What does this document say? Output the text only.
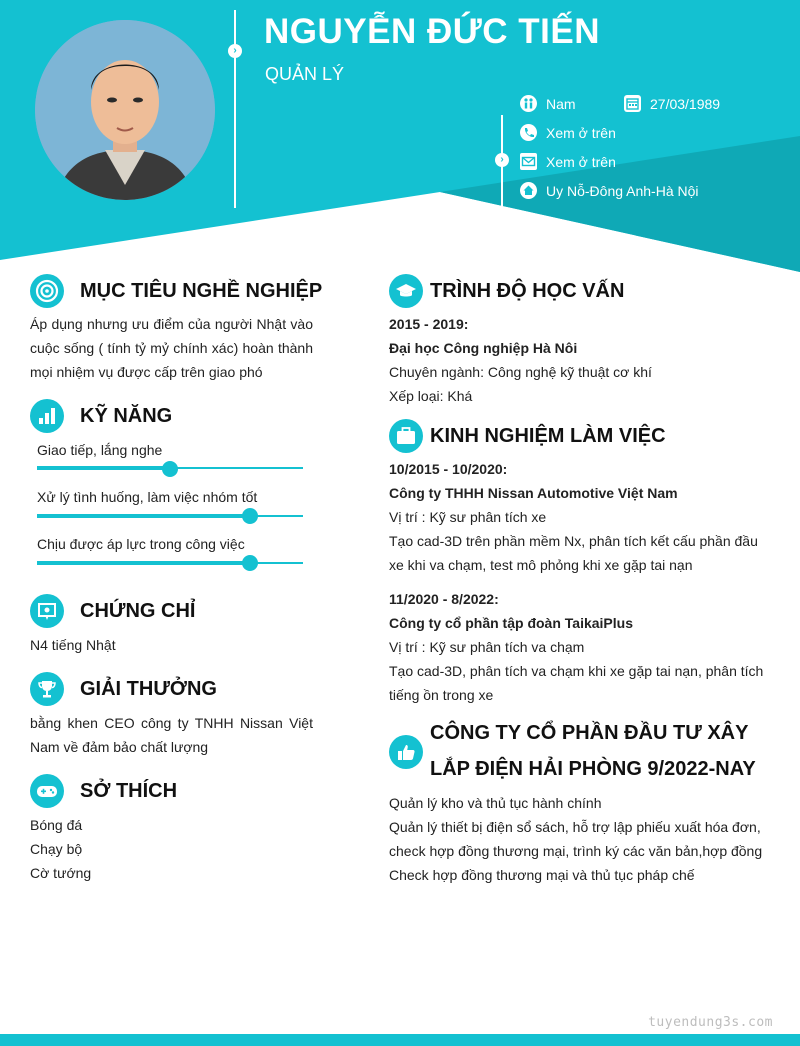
›
›
NGUYỄN ĐỨC TIẾN
QUẢN LÝ
Nam	27/03/1989
Xem ở trên
Xem ở trên
Uy Nỗ-Đông Anh-Hà Nội
MỤC TIÊU NGHỀ NGHIỆP
Áp dụng nhưng ưu điểm của người Nhật vào cuộc sống ( tính tỷ mỷ chính xác) hoàn thành mọi nhiệm vụ được cấp trên giao phó
KỸ NĂNG
Giao tiếp, lắng nghe
Xử lý tình huống, làm việc nhóm tốt
Chịu được áp lực trong công việc
CHỨNG CHỈ
N4 tiếng Nhật
GIẢI THƯỞNG
bằng khen CEO công ty TNHH Nissan Việt Nam về đảm bảo chất lượng
SỞ THÍCH
Bóng đá
Chạy bộ
Cờ tướng
TRÌNH ĐỘ HỌC VẤN
2015 - 2019:
Đại học Công nghiệp Hà Nôi
Chuyên ngành: Công nghệ kỹ thuật cơ khí
Xếp loại: Khá
KINH NGHIỆM LÀM VIỆC
10/2015 - 10/2020:
Công ty THHH Nissan Automotive Việt Nam
Vị trí : Kỹ sư phân tích xe
Tạo cad-3D trên phần mềm Nx, phân tích kết cấu phần đầu xe khi va chạm, test mô phỏng khi xe gặp tai nạn
11/2020 - 8/2022:
Công ty cổ phần tập đoàn TaikaiPlus
Vị trí : Kỹ sư phân tích va chạm
Tạo cad-3D, phân tích va chạm khi xe gặp tai nạn, phân tích tiếng ồn trong xe
CÔNG TY CỔ PHẦN ĐẦU TƯ XÂY
LẮP ĐIỆN HẢI PHÒNG 9/2022-NAY
Quản lý kho và thủ tục hành chính
Quản lý thiết bị điện sổ sách, hỗ trợ lập phiếu xuất hóa đơn,
check hợp đồng thương mại, trình ký các văn bản,hợp đồng
Check hợp đồng thương mại và thủ tục pháp chế
tuyendung3s.com
